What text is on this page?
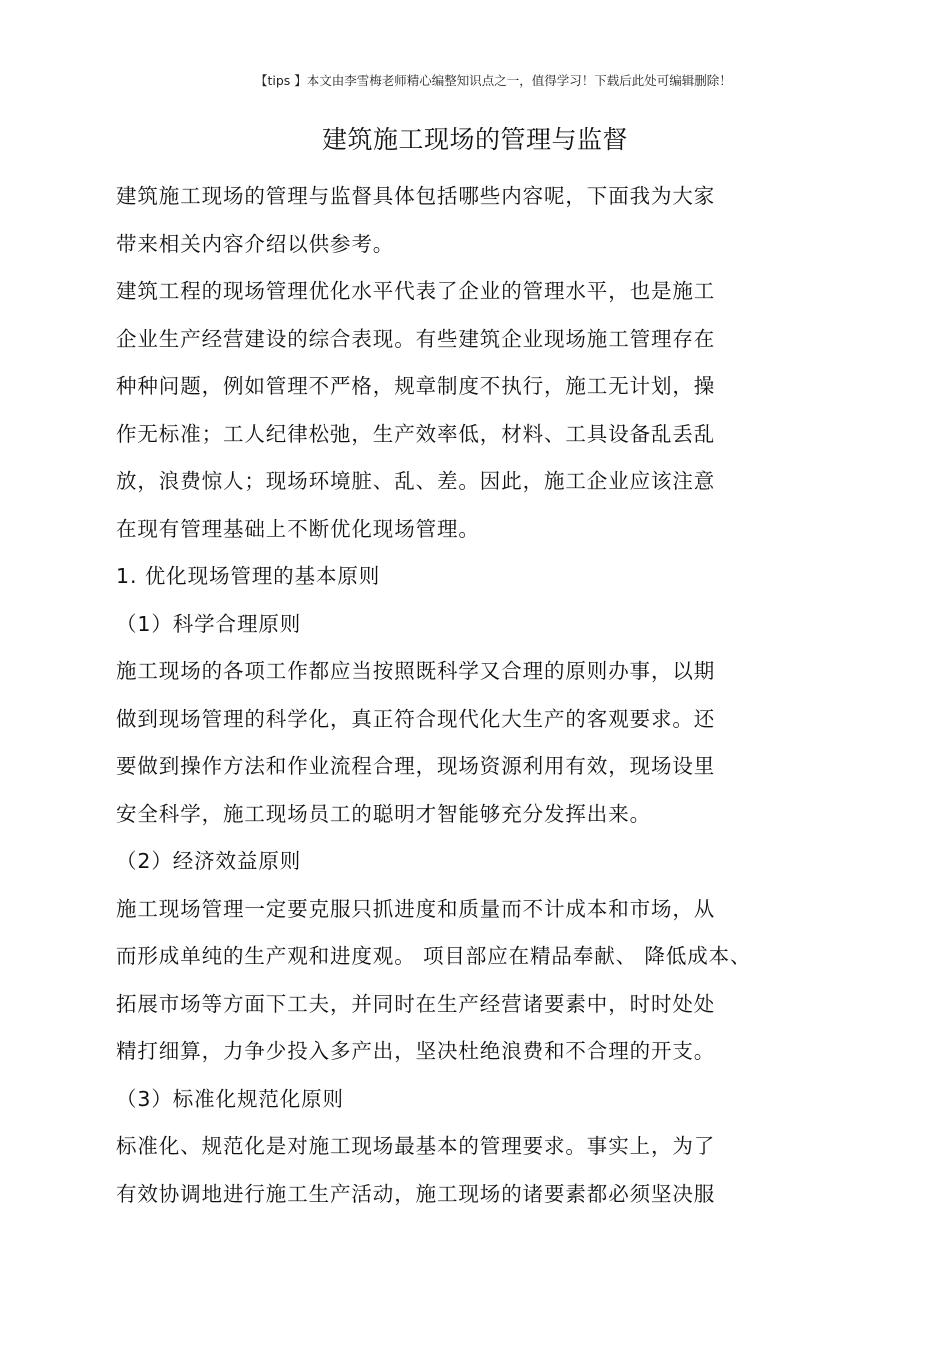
【tips 】本文由李雪梅老师精心编整知识点之一，值得学习！下载后此处可编辑删除！
建筑施工现场的管理与监督
建筑施工现场的管理与监督具体包括哪些内容呢，下面我为大家
带来相关内容介绍以供参考。
建筑工程的现场管理优化水平代表了企业的管理水平，也是施工
企业生产经营建设的综合表现。有些建筑企业现场施工管理存在
种种问题，例如管理不严格，规章制度不执行，施工无计划，操
作无标准；工人纪律松弛，生产效率低，材料、工具设备乱丢乱
放，浪费惊人；现场环境脏、乱、差。因此，施工企业应该注意
在现有管理基础上不断优化现场管理。
1. 优化现场管理的基本原则
（1）科学合理原则
施工现场的各项工作都应当按照既科学又合理的原则办事，以期
做到现场管理的科学化，真正符合现代化大生产的客观要求。还
要做到操作方法和作业流程合理，现场资源利用有效，现场设里
安全科学，施工现场员工的聪明才智能够充分发挥出来。
（2）经济效益原则
施工现场管理一定要克服只抓进度和质量而不计成本和市场，从
而形成单纯的生产观和进度观。 项目部应在精品奉献、 降低成本、
拓展市场等方面下工夫，并同时在生产经营诸要素中，时时处处
精打细算，力争少投入多产出，坚决杜绝浪费和不合理的开支。
（3）标准化规范化原则
标准化、规范化是对施工现场最基本的管理要求。事实上，为了
有效协调地进行施工生产活动，施工现场的诸要素都必须坚决服
